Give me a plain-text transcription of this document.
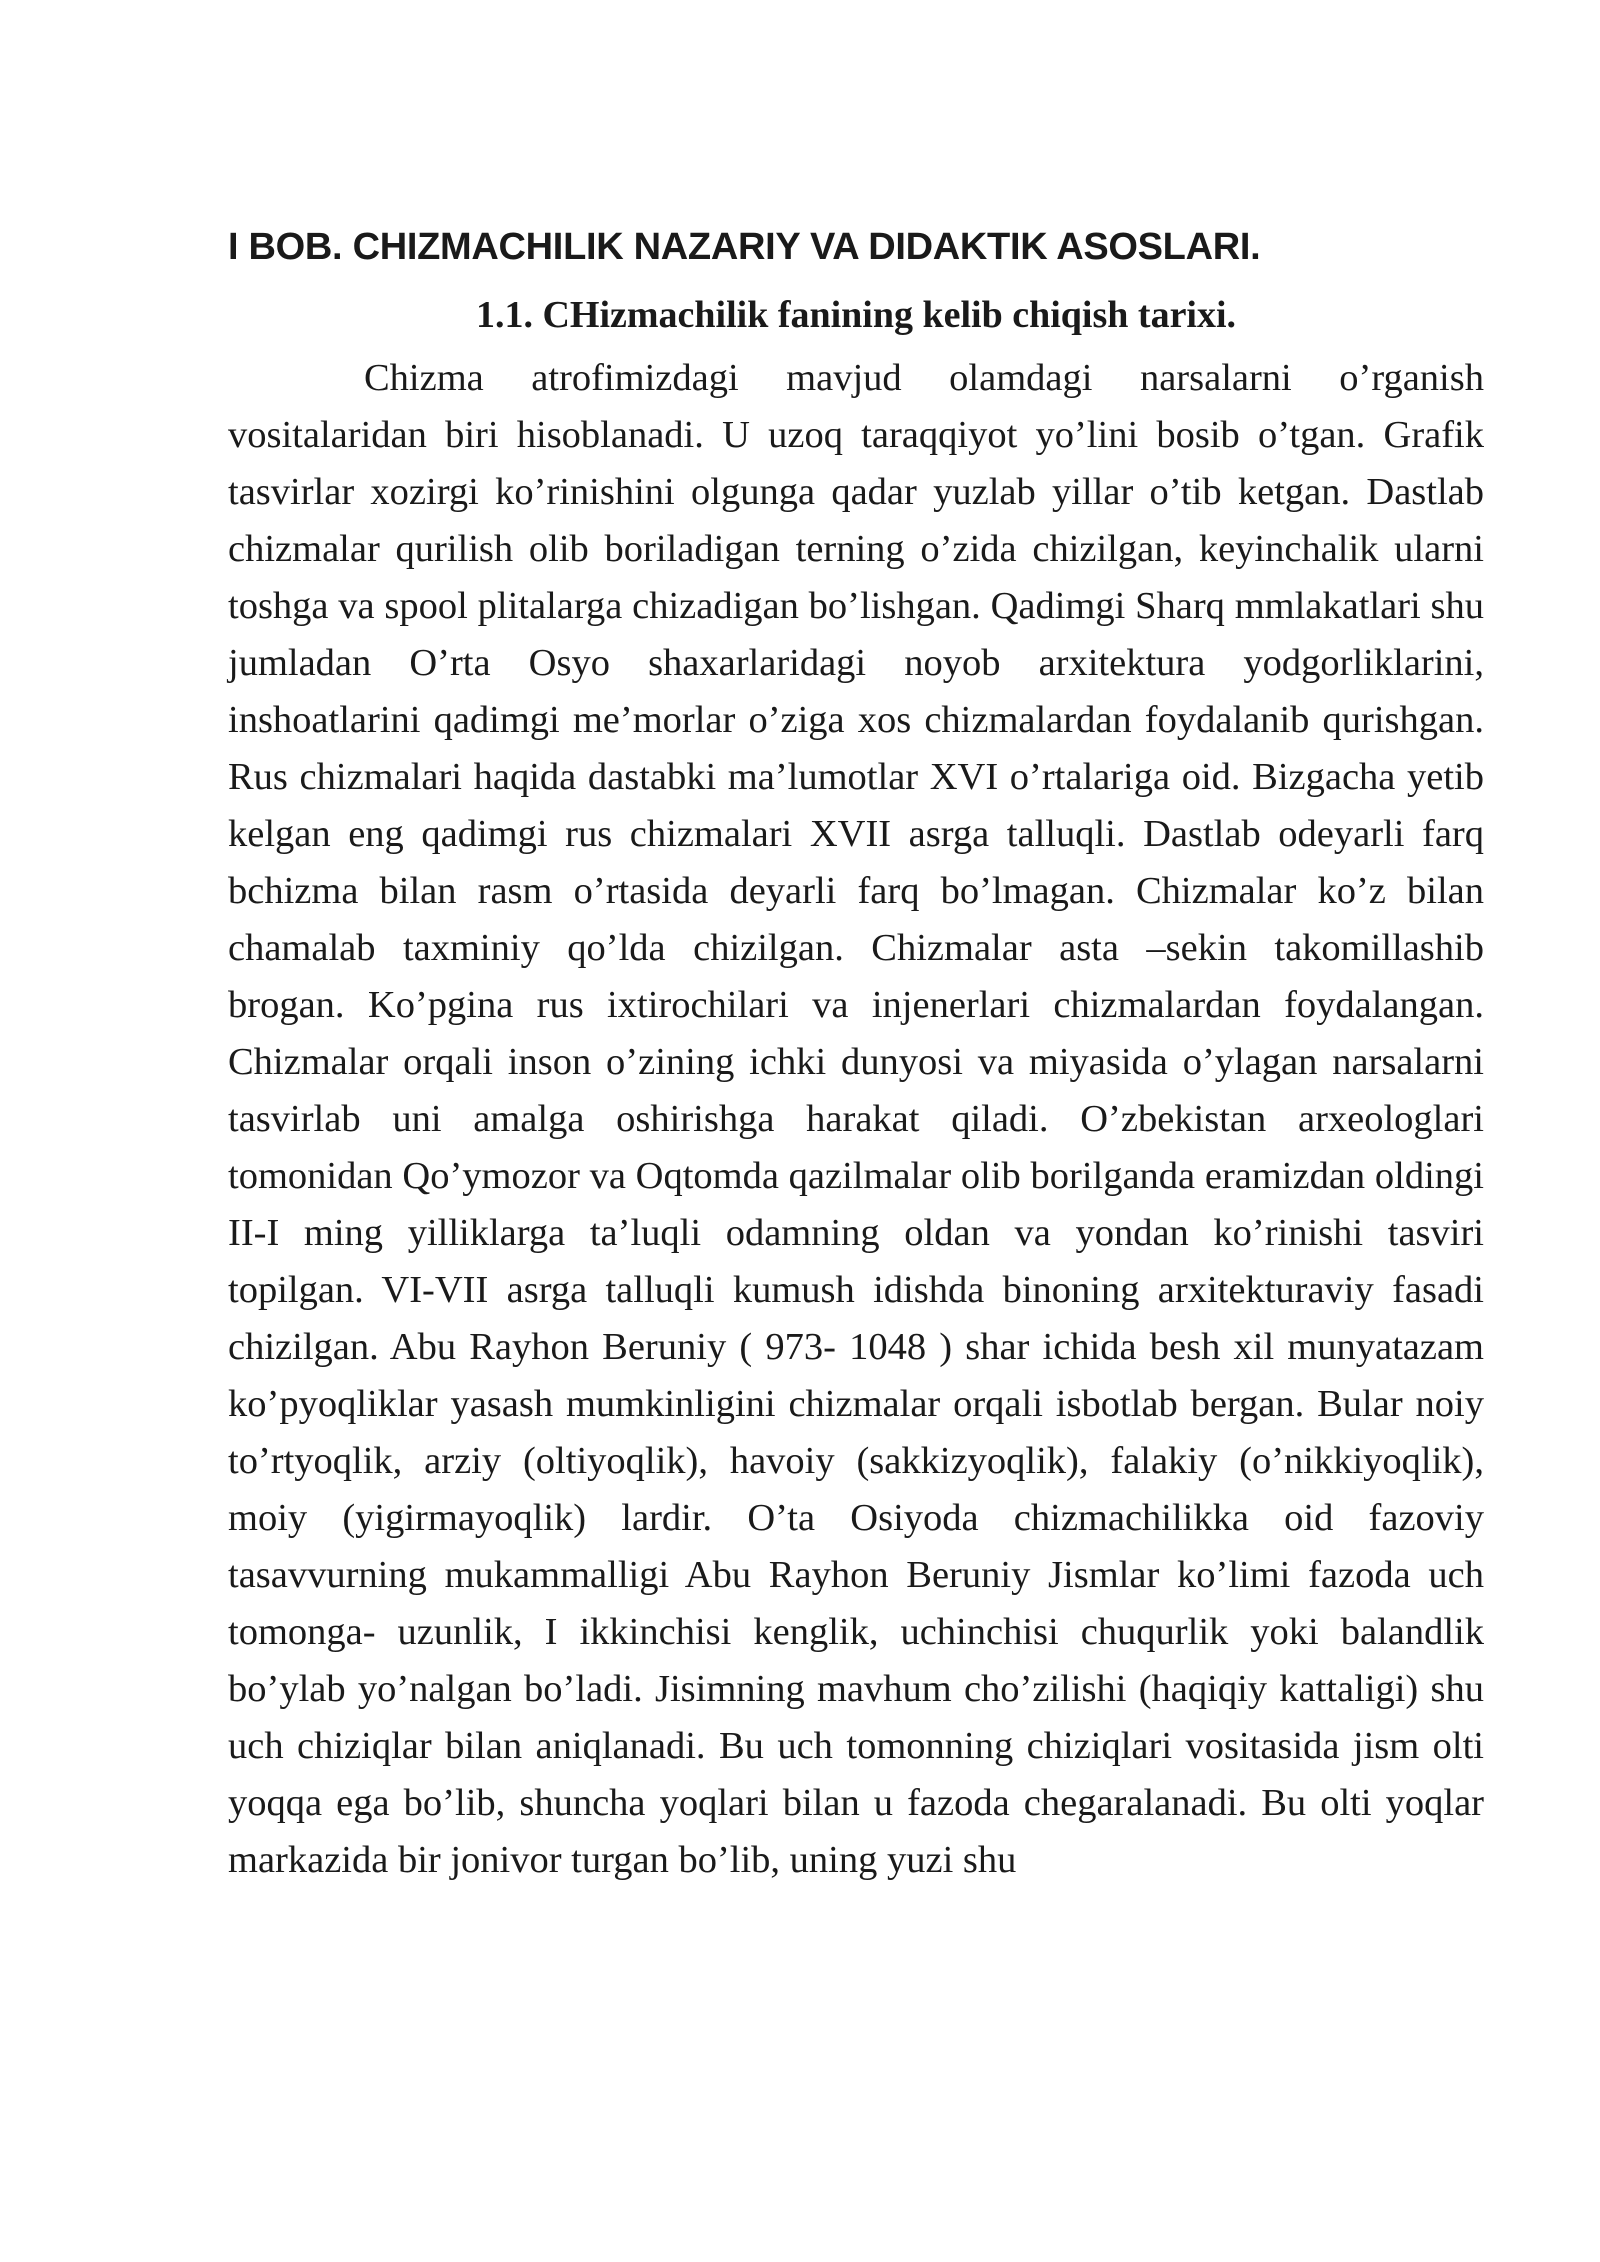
I BOB. CHIZMACHILIK NAZARIY VA DIDAKTIK ASOSLARI.
1.1. CHizmachilik fanining kelib chiqish tarixi.

Chizma atrofimizdagi mavjud olamdagi narsalarni o’rganish vositalaridan biri hisoblanadi. U uzoq taraqqiyot yo’lini bosib o’tgan. Grafik tasvirlar xozirgi ko’rinishini olgunga qadar yuzlab yillar o’tib ketgan. Dastlab chizmalar qurilish olib boriladigan terning o’zida chizilgan, keyinchalik ularni toshga va spool plitalarga chizadigan bo’lishgan. Qadimgi Sharq mmlakatlari shu jumladan O’rta Osyo shaxarlaridagi noyob arxitektura yodgorliklarini, inshoatlarini qadimgi me’morlar o’ziga xos chizmalardan foydalanib qurishgan. Rus chizmalari haqida dastabki ma’lumotlar XVI o’rtalariga oid. Bizgacha yetib kelgan eng qadimgi rus chizmalari XVII asrga talluqli. Dastlab odeyarli farq bchizma bilan rasm o’rtasida deyarli farq bo’lmagan. Chizmalar ko’z bilan chamalab taxminiy qo’lda chizilgan. Chizmalar asta –sekin takomillashib brogan. Ko’pgina rus ixtirochilari va injenerlari chizmalardan foydalangan. Chizmalar orqali inson o’zining ichki dunyosi va miyasida o’ylagan narsalarni tasvirlab uni amalga oshirishga harakat qiladi. O’zbekistan arxeologlari tomonidan Qo’ymozor va Oqtomda qazilmalar olib borilganda eramizdan oldingi II-I ming yilliklarga ta’luqli odamning oldan va yondan ko’rinishi tasviri topilgan. VI-VII asrga talluqli kumush idishda binoning arxitekturaviy fasadi chizilgan. Abu Rayhon Beruniy ( 973- 1048 ) shar ichida besh xil munyatazam ko’pyoqliklar yasash mumkinligini chizmalar orqali isbotlab bergan. Bular noiy to’rtyoqlik, arziy (oltiyoqlik), havoiy (sakkizyoqlik), falakiy (o’nikkiyoqlik), moiy (yigirmayoqlik) lardir. O’ta Osiyoda chizmachilikka oid fazoviy tasavvurning mukammalligi Abu Rayhon Beruniy Jismlar ko’limi fazoda uch tomonga- uzunlik, I ikkinchisi kenglik, uchinchisi chuqurlik yoki balandlik bo’ylab yo’nalgan bo’ladi. Jisimning mavhum cho’zilishi (haqiqiy kattaligi) shu uch chiziqlar bilan aniqlanadi. Bu uch tomonning chiziqlari vositasida jism olti yoqqa ega bo’lib, shuncha yoqlari bilan u fazoda chegaralanadi. Bu olti yoqlar markazida bir jonivor turgan bo’lib, uning yuzi shu
